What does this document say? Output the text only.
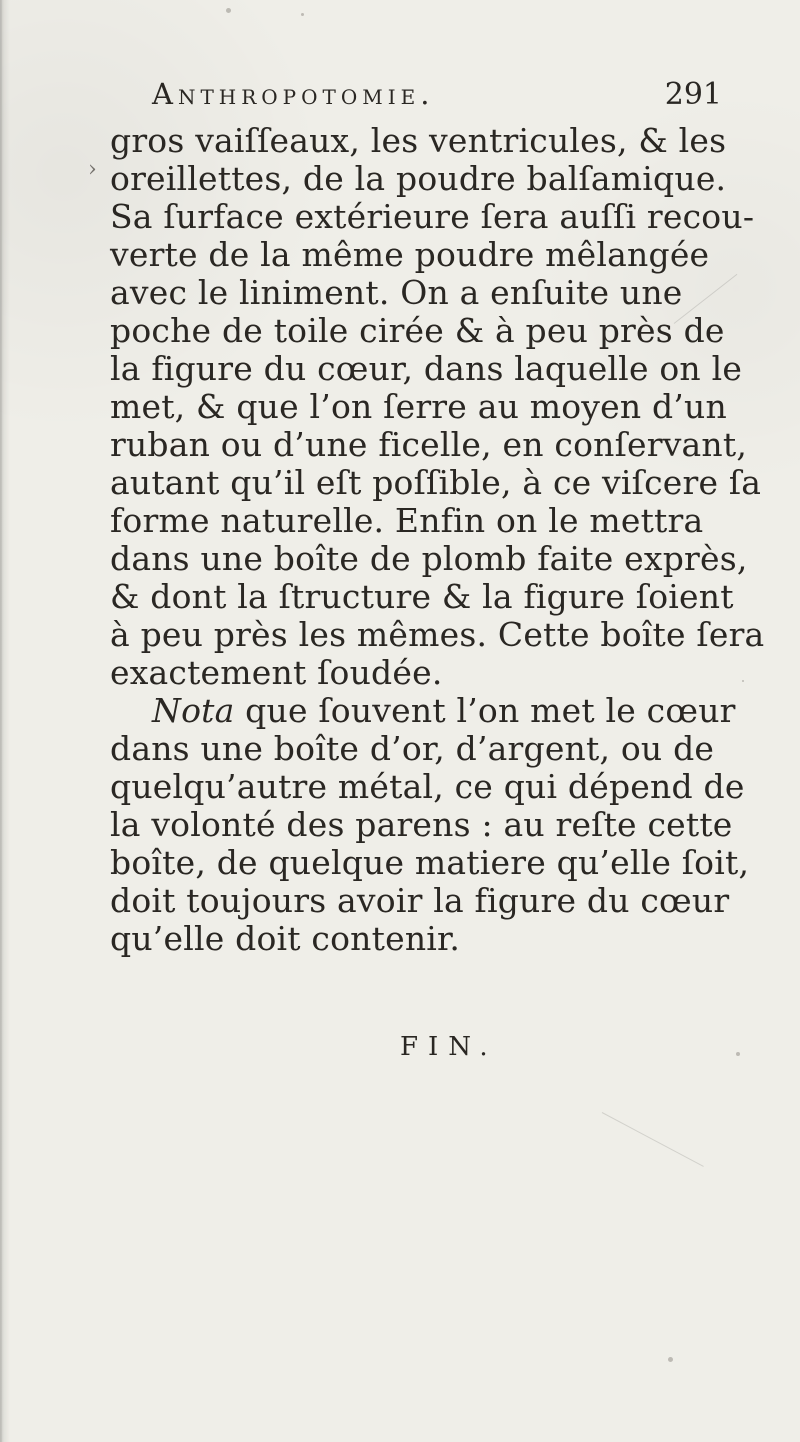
Anthropotomie.	291
›
gros vaiſſeaux, les ventricules, & les
oreillettes, de la poudre balſamique.
Sa ſurface extérieure ſera auſſi recou-
verte de la même poudre mêlangée
avec le liniment. On a enſuite une
poche de toile cirée & à peu près de
la figure du cœur, dans laquelle on le
met, & que l’on ſerre au moyen d’un
ruban ou d’une ficelle, en conſervant,
autant qu’il eſt poſſible, à ce viſcere ſa
forme naturelle. Enfin on le mettra
dans une boîte de plomb faite exprès,
& dont la ſtructure & la figure ſoient
à peu près les mêmes. Cette boîte ſera
exactement ſoudée.
Nota que ſouvent l’on met le cœur
dans une boîte d’or, d’argent, ou de
quelqu’autre métal, ce qui dépend de
la volonté des parens : au reſte cette
boîte, de quelque matiere qu’elle ſoit,
doit toujours avoir la figure du cœur
qu’elle doit contenir.
FIN.
